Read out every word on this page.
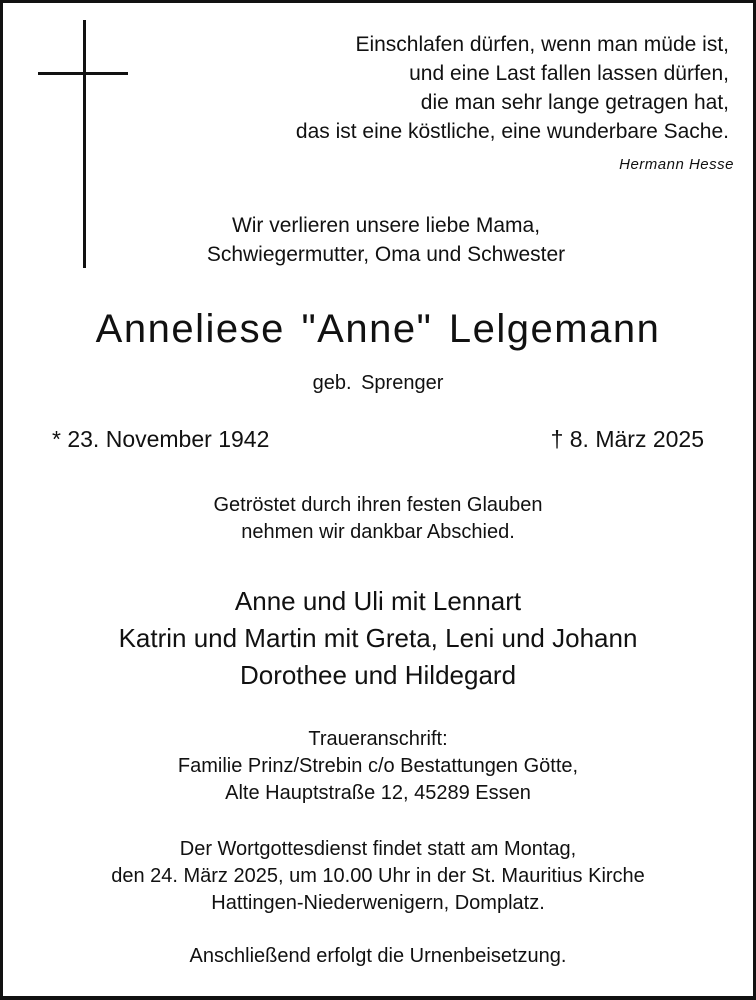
Einschlafen dürfen, wenn man müde ist,
und eine Last fallen lassen dürfen,
die man sehr lange getragen hat,
das ist eine köstliche, eine wunderbare Sache.
Hermann Hesse
Wir verlieren unsere liebe Mama,
Schwiegermutter, Oma und Schwester
Anneliese "Anne" Lelgemann
geb. Sprenger
* 23. November 1942	† 8. März 2025
Getröstet durch ihren festen Glauben
nehmen wir dankbar Abschied.
Anne und Uli mit Lennart
Katrin und Martin mit Greta, Leni und Johann
Dorothee und Hildegard
Traueranschrift:
Familie Prinz/Strebin c/o Bestattungen Götte,
Alte Hauptstraße 12, 45289 Essen
Der Wortgottesdienst findet statt am Montag,
den 24. März 2025, um 10.00 Uhr in der St. Mauritius Kirche
Hattingen-Niederwenigern, Domplatz.
Anschließend erfolgt die Urnenbeisetzung.
